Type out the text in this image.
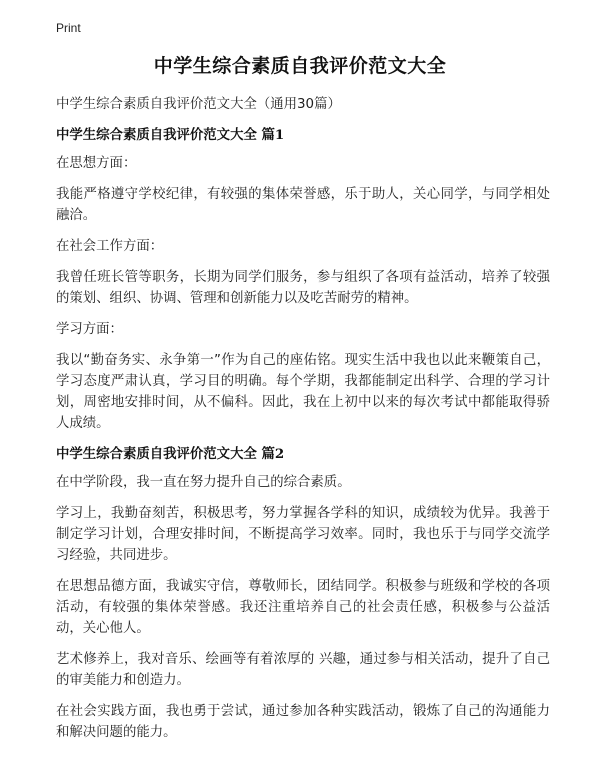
Print
中学生综合素质自我评价范文大全

中学生综合素质自我评价范文大全（通用30篇）

中学生综合素质自我评价范文大全 篇1

在思想方面：

我能严格遵守学校纪律，有较强的集体荣誉感，乐于助人，关心同学，与同学相处融洽。

在社会工作方面：

我曾任班长管等职务，长期为同学们服务，参与组织了各项有益活动，培养了较强的策划、组织、协调、管理和创新能力以及吃苦耐劳的精神。

学习方面：

我以“勤奋务实、永争第一”作为自己的座佑铭。现实生活中我也以此来鞭策自己，学习态度严肃认真，学习目的明确。每个学期，我都能制定出科学、合理的学习计划，周密地安排时间，从不偏科。因此，我在上初中以来的每次考试中都能取得骄人成绩。

中学生综合素质自我评价范文大全 篇2

在中学阶段，我一直在努力提升自己的综合素质。

学习上，我勤奋刻苦，积极思考，努力掌握各学科的知识，成绩较为优异。我善于制定学习计划，合理安排时间，不断提高学习效率。同时，我也乐于与同学交流学习经验，共同进步。

在思想品德方面，我诚实守信，尊敬师长，团结同学。积极参与班级和学校的各项活动，有较强的集体荣誉感。我还注重培养自己的社会责任感，积极参与公益活动，关心他人。

艺术修养上，我对音乐、绘画等有着浓厚的 兴趣，通过参与相关活动，提升了自己的审美能力和创造力。

在社会实践方面，我也勇于尝试，通过参加各种实践活动，锻炼了自己的沟通能力和解决问题的能力。
